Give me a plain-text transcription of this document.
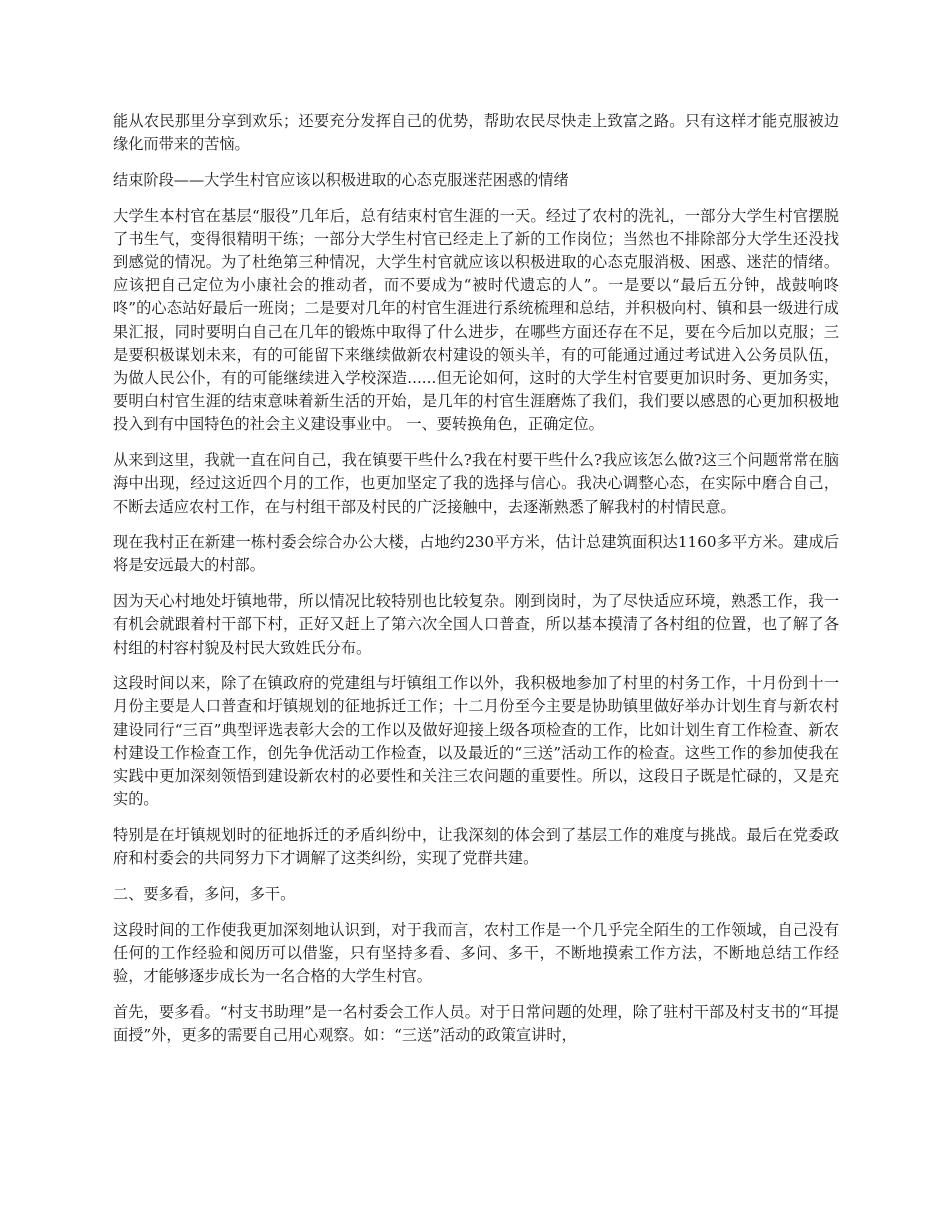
能从农民那里分享到欢乐；还要充分发挥自己的优势，帮助农民尽快走上致富之路。只有这样才能克服被边缘化而带来的苦恼。

结束阶段——大学生村官应该以积极进取的心态克服迷茫困惑的情绪

大学生本村官在基层“服役”几年后，总有结束村官生涯的一天。经过了农村的洗礼，一部分大学生村官摆脱了书生气，变得很精明干练；一部分大学生村官已经走上了新的工作岗位；当然也不排除部分大学生还没找到感觉的情况。为了杜绝第三种情况，大学生村官就应该以积极进取的心态克服消极、困惑、迷茫的情绪。应该把自己定位为小康社会的推动者，而不要成为“被时代遗忘的人”。一是要以“最后五分钟，战鼓响咚咚”的心态站好最后一班岗；二是要对几年的村官生涯进行系统梳理和总结，并积极向村、镇和县一级进行成果汇报，同时要明白自己在几年的锻炼中取得了什么进步，在哪些方面还存在不足，要在今后加以克服；三是要积极谋划未来，有的可能留下来继续做新农村建设的领头羊，有的可能通过通过考试进入公务员队伍，为做人民公仆，有的可能继续进入学校深造......但无论如何，这时的大学生村官要更加识时务、更加务实，要明白村官生涯的结束意味着新生活的开始，是几年的村官生涯磨炼了我们，我们要以感恩的心更加积极地投入到有中国特色的社会主义建设事业中。 一、要转换角色，正确定位。

从来到这里，我就一直在问自己，我在镇要干些什么?我在村要干些什么?我应该怎么做?这三个问题常常在脑海中出现，经过这近四个月的工作，也更加坚定了我的选择与信心。我决心调整心态，在实际中磨合自己，不断去适应农村工作，在与村组干部及村民的广泛接触中，去逐渐熟悉了解我村的村情民意。

现在我村正在新建一栋村委会综合办公大楼，占地约230平方米，估计总建筑面积达1160多平方米。建成后将是安远最大的村部。

因为天心村地处圩镇地带，所以情况比较特别也比较复杂。刚到岗时，为了尽快适应环境，熟悉工作，我一有机会就跟着村干部下村，正好又赶上了第六次全国人口普查，所以基本摸清了各村组的位置，也了解了各村组的村容村貌及村民大致姓氏分布。

这段时间以来，除了在镇政府的党建组与圩镇组工作以外，我积极地参加了村里的村务工作，十月份到十一月份主要是人口普查和圩镇规划的征地拆迁工作；十二月份至今主要是协助镇里做好举办计划生育与新农村建设同行“三百”典型评选表彰大会的工作以及做好迎接上级各项检查的工作，比如计划生育工作检查、新农村建设工作检查工作，创先争优活动工作检查，以及最近的“三送”活动工作的检查。这些工作的参加使我在实践中更加深刻领悟到建设新农村的必要性和关注三农问题的重要性。所以，这段日子既是忙碌的，又是充实的。

特别是在圩镇规划时的征地拆迁的矛盾纠纷中，让我深刻的体会到了基层工作的难度与挑战。最后在党委政府和村委会的共同努力下才调解了这类纠纷，实现了党群共建。

二、要多看，多问，多干。

这段时间的工作使我更加深刻地认识到，对于我而言，农村工作是一个几乎完全陌生的工作领域，自己没有任何的工作经验和阅历可以借鉴，只有坚持多看、多问、多干，不断地摸索工作方法，不断地总结工作经验，才能够逐步成长为一名合格的大学生村官。

首先，要多看。“村支书助理”是一名村委会工作人员。对于日常问题的处理，除了驻村干部及村支书的“耳提面授”外，更多的需要自己用心观察。如：“三送”活动的政策宣讲时，
